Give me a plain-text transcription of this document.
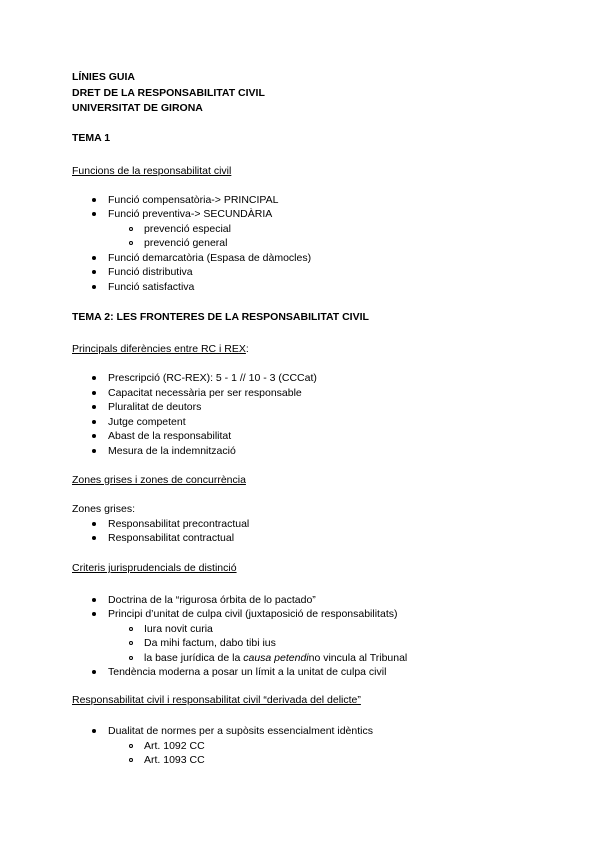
LÍNIES GUIA
DRET DE LA RESPONSABILITAT CIVIL
UNIVERSITAT DE GIRONA
TEMA 1
Funcions de la responsabilitat civil
Funció compensatòria-> PRINCIPAL
Funció preventiva-> SECUNDÀRIA
prevenció especial
prevenció general
Funció demarcatòria (Espasa de dàmocles)
Funció distributiva
Funció satisfactiva
TEMA 2: LES FRONTERES DE LA RESPONSABILITAT CIVIL
Principals diferències entre RC i REX:
Prescripció (RC-REX): 5 - 1 // 10 - 3 (CCCat)
Capacitat necessària per ser responsable
Pluralitat de deutors
Jutge competent
Abast de la responsabilitat
Mesura de la indemnització
Zones grises i zones de concurrència
Zones grises:
Responsabilitat precontractual
Responsabilitat contractual
Criteris jurisprudencials de distinció
Doctrina de la “rigurosa órbita de lo pactado”
Principi d’unitat de culpa civil (juxtaposició de responsabilitats)
Iura novit curia
Da mihi factum, dabo tibi ius
la base jurídica de la causa petendino vincula al Tribunal
Tendència moderna a posar un límit a la unitat de culpa civil
Responsabilitat civil i responsabilitat civil “derivada del delicte”
Dualitat de normes per a supòsits essencialment idèntics
Art. 1092 CC
Art. 1093 CC
